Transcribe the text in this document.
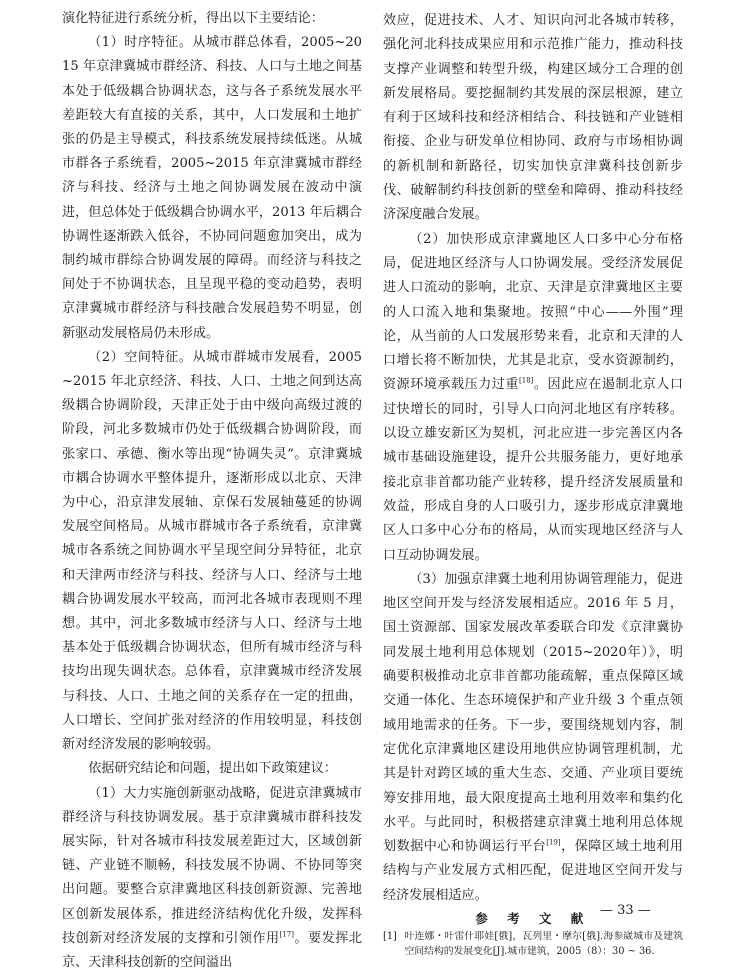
演化特征进行系统分析，得出以下主要结论：

（1）时序特征。从城市群总体看，2005~2015 年京津冀城市群经济、科技、人口与土地之间基本处于低级耦合协调状态，这与各子系统发展水平差距较大有直接的关系，其中，人口发展和土地扩张的仍是主导模式，科技系统发展持续低迷。从城市群各子系统看，2005~2015 年京津冀城市群经济与科技、经济与土地之间协调发展在波动中演进，但总体处于低级耦合协调水平，2013 年后耦合协调性逐渐跌入低谷，不协同问题愈加突出，成为制约城市群综合协调发展的障碍。而经济与科技之间处于不协调状态，且呈现平稳的变动趋势，表明京津冀城市群经济与科技融合发展趋势不明显，创新驱动发展格局仍未形成。

（2）空间特征。从城市群城市发展看，2005~2015 年北京经济、科技、人口、土地之间到达高级耦合协调阶段，天津正处于由中级向高级过渡的阶段，河北多数城市仍处于低级耦合协调阶段，而张家口、承德、衡水等出现“协调失灵”。京津冀城市耦合协调水平整体提升，逐渐形成以北京、天津为中心，沿京津发展轴、京保石发展轴蔓延的协调发展空间格局。从城市群城市各子系统看，京津冀城市各系统之间协调水平呈现空间分异特征，北京和天津两市经济与科技、经济与人口、经济与土地耦合协调发展水平较高，而河北各城市表现则不理想。其中，河北多数城市经济与人口、经济与土地基本处于低级耦合协调状态，但所有城市经济与科技均出现失调状态。总体看，京津冀城市经济发展与科技、人口、土地之间的关系存在一定的扭曲，人口增长、空间扩张对经济的作用较明显，科技创新对经济发展的影响较弱。

依据研究结论和问题，提出如下政策建议：

（1）大力实施创新驱动战略，促进京津冀城市群经济与科技协调发展。基于京津冀城市群科技发展实际，针对各城市科技发展差距过大，区域创新链、产业链不顺畅，科技发展不协调、不协同等突出问题。要整合京津冀地区科技创新资源、完善地区创新发展体系，推进经济结构优化升级，发挥科技创新对经济发展的支撑和引领作用[17]。要发挥北京、天津科技创新的空间溢出

效应，促进技术、人才、知识向河北各城市转移，强化河北科技成果应用和示范推广能力，推动科技支撑产业调整和转型升级，构建区域分工合理的创新发展格局。要挖掘制约其发展的深层根源，建立有利于区域科技和经济相结合、科技链和产业链相衔接、企业与研发单位相协同、政府与市场相协调的新机制和新路径，切实加快京津冀科技创新步伐、破解制约科技创新的壁垒和障碍、推动科技经济深度融合发展。

（2）加快形成京津冀地区人口多中心分布格局，促进地区经济与人口协调发展。受经济发展促进人口流动的影响，北京、天津是京津冀地区主要的人口流入地和集聚地。按照“中心——外围”理论，从当前的人口发展形势来看，北京和天津的人口增长将不断加快，尤其是北京，受水资源制约，资源环境承载压力过重[18]。因此应在遏制北京人口过快增长的同时，引导人口向河北地区有序转移。以设立雄安新区为契机，河北应进一步完善区内各城市基础设施建设，提升公共服务能力，更好地承接北京非首都功能产业转移，提升经济发展质量和效益，形成自身的人口吸引力，逐步形成京津冀地区人口多中心分布的格局，从而实现地区经济与人口互动协调发展。

（3）加强京津冀土地利用协调管理能力，促进地区空间开发与经济发展相适应。2016 年 5 月，国土资源部、国家发展改革委联合印发《京津冀协同发展土地利用总体规划（2015~2020年）》，明确要积极推动北京非首都功能疏解，重点保障区域交通一体化、生态环境保护和产业升级 3 个重点领域用地需求的任务。下一步，要围绕规划内容，制定优化京津冀地区建设用地供应协调管理机制，尤其是针对跨区域的重大生态、交通、产业项目要统筹安排用地，最大限度提高土地利用效率和集约化水平。与此同时，积极搭建京津冀土地利用总体规划数据中心和协调运行平台[19]，保障区域土地利用结构与产业发展方式相匹配，促进地区空间开发与经济发展相适应。

参 考 文 献
[1] 叶连娜・叶雷什耶娃[俄]，瓦列里・摩尔[俄].海参崴城市及建筑空间结构的发展变化[J].城市建筑，2005（8）：30 ~ 36.
— 33 —
